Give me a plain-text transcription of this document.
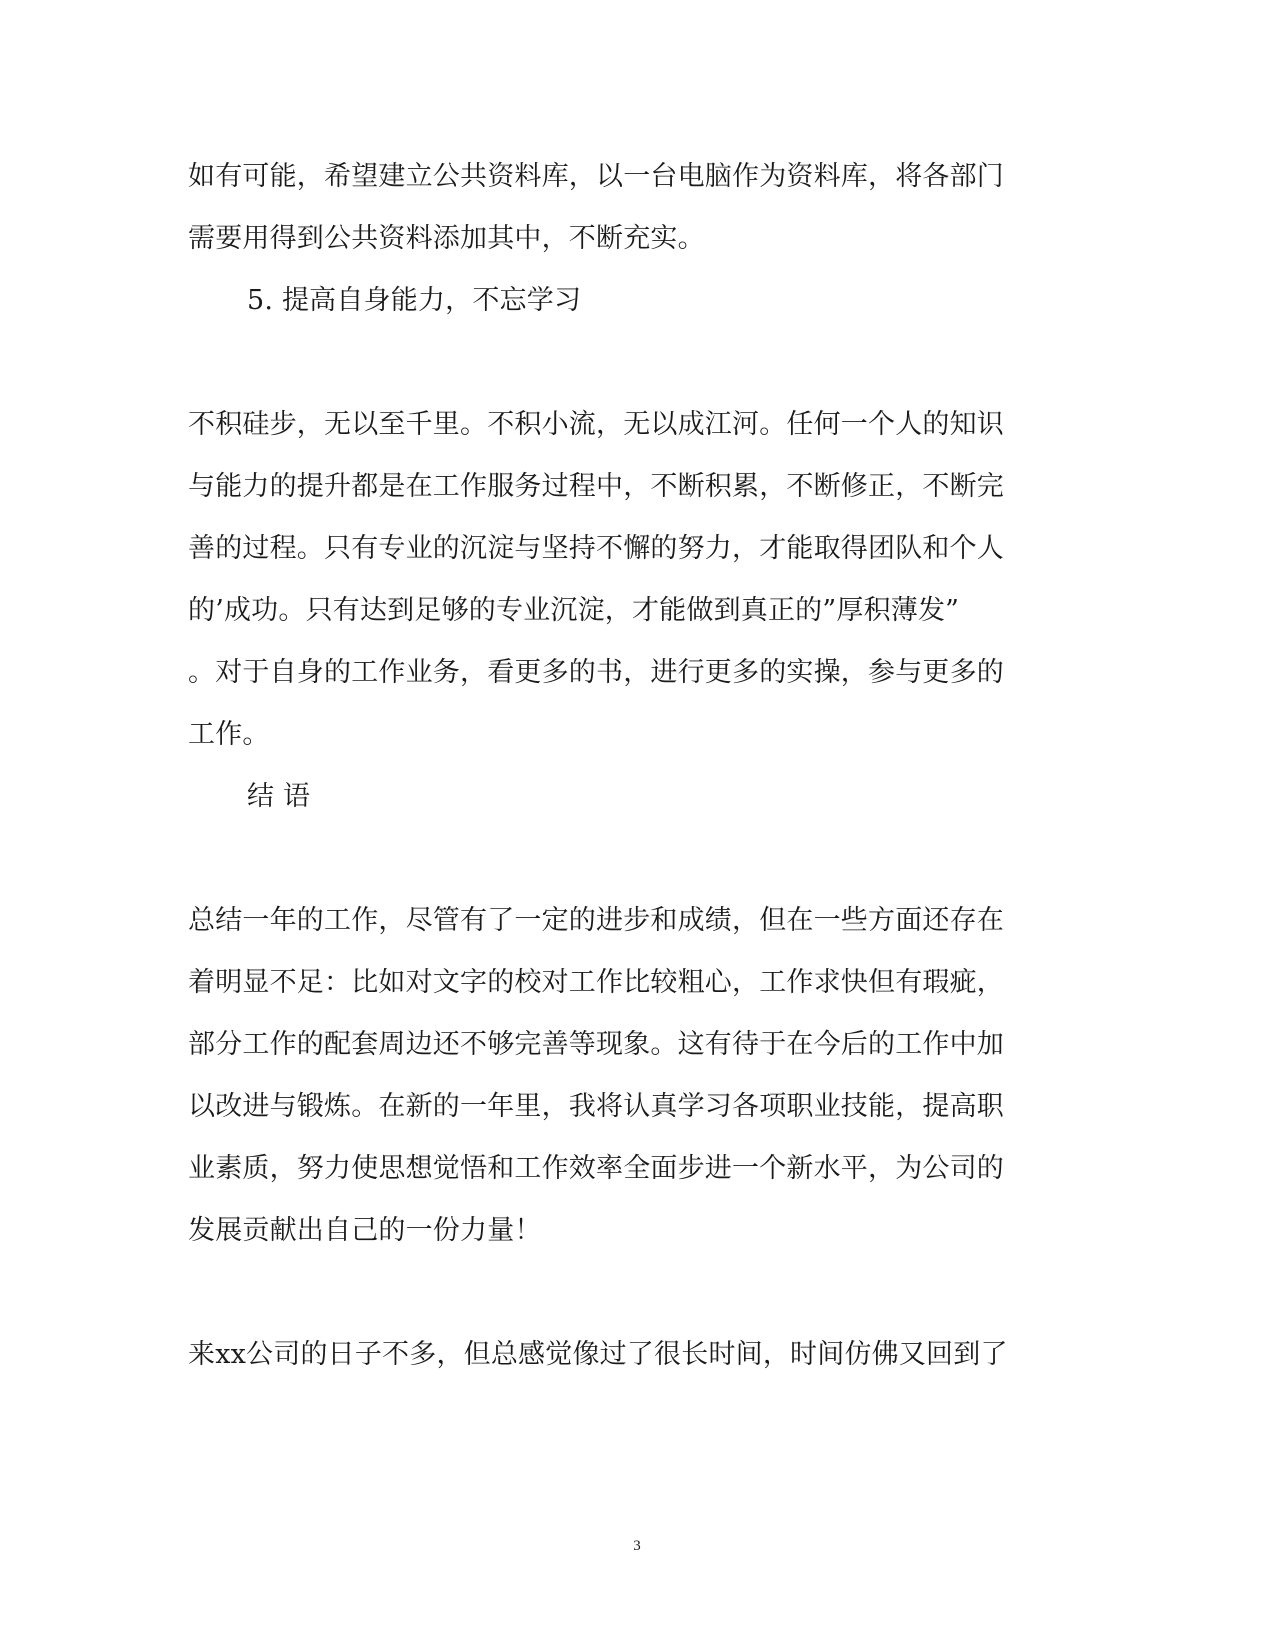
如有可能，希望建立公共资料库，以一台电脑作为资料库，将各部门
需要用得到公共资料添加其中，不断充实。
5. 提高自身能力，不忘学习
不积硅步，无以至千里。不积小流，无以成江河。任何一个人的知识
与能力的提升都是在工作服务过程中，不断积累，不断修正，不断完
善的过程。只有专业的沉淀与坚持不懈的努力，才能取得团队和个人
的’成功。只有达到足够的专业沉淀，才能做到真正的”厚积薄发”
。对于自身的工作业务，看更多的书，进行更多的实操，参与更多的
工作。
结 语
总结一年的工作，尽管有了一定的进步和成绩，但在一些方面还存在
着明显不足：比如对文字的校对工作比较粗心，工作求快但有瑕疵，
部分工作的配套周边还不够完善等现象。这有待于在今后的工作中加
以改进与锻炼。在新的一年里，我将认真学习各项职业技能，提高职
业素质，努力使思想觉悟和工作效率全面步进一个新水平，为公司的
发展贡献出自己的一份力量！
来xx公司的日子不多，但总感觉像过了很长时间，时间仿佛又回到了
3
